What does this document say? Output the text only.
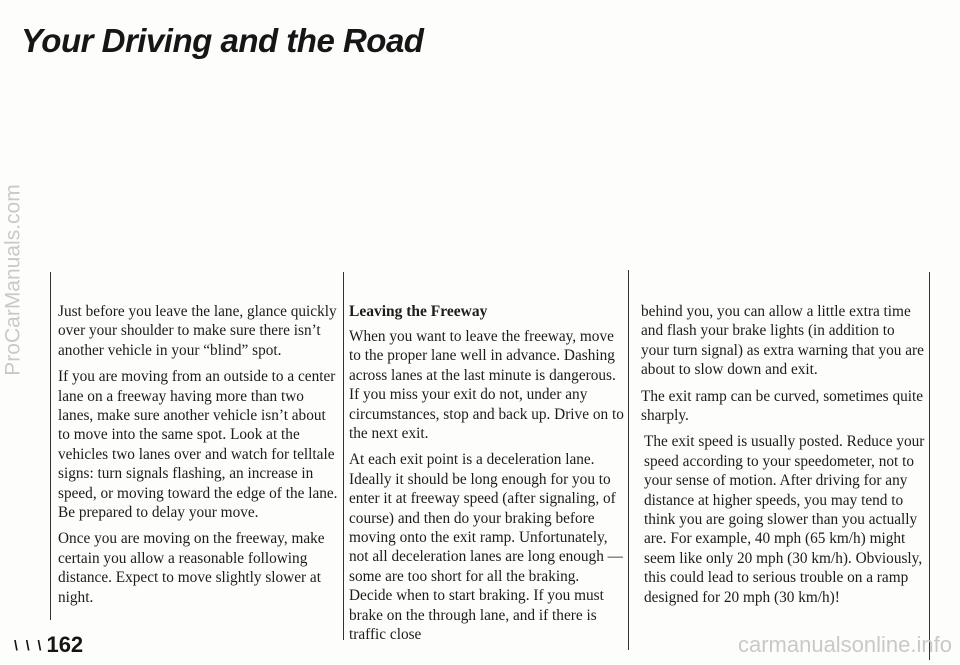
Your Driving and the Road
ProCarManuals.com Just before you leave the lane, glance quickly over your shoulder to make sure there isn’t another vehicle in your “blind” spot.

If you are moving from an outside to a center lane on a freeway having more than two lanes, make sure another vehicle isn’t about to move into the same spot. Look at the vehicles two lanes over and watch for telltale signs: turn signals flashing, an increase in speed, or moving toward the edge of the lane. Be prepared to delay your move.

Once you are moving on the freeway, make certain you allow a reasonable following distance. Expect to move slightly slower at night.

Leaving the Freeway

When you want to leave the freeway, move to the proper lane well in advance. Dashing across lanes at the last minute is dangerous. If you miss your exit do not, under any circumstances, stop and back up. Drive on to the next exit.

At each exit point is a deceleration lane. Ideally it should be long enough for you to enter it at freeway speed (after signaling, of course) and then do your braking before moving onto the exit ramp. Unfortunately, not all deceleration lanes are long enough — some are too short for all the braking. Decide when to start braking. If you must brake on the through lane, and if there is traffic close

behind you, you can allow a little extra time and flash your brake lights (in addition to your turn signal) as extra warning that you are about to slow down and exit.

The exit ramp can be curved, sometimes quite sharply.

The exit speed is usually posted. Reduce your speed according to your speedometer, not to your sense of motion. After driving for any distance at higher speeds, you may tend to think you are going slower than you actually are. For example, 40 mph (65 km/h) might seem like only 20 mph (30 km/h). Obviously, this could lead to serious trouble on a ramp designed for 20 mph (30 km/h)!

\ \ \ 162	carmanualsonline.info
